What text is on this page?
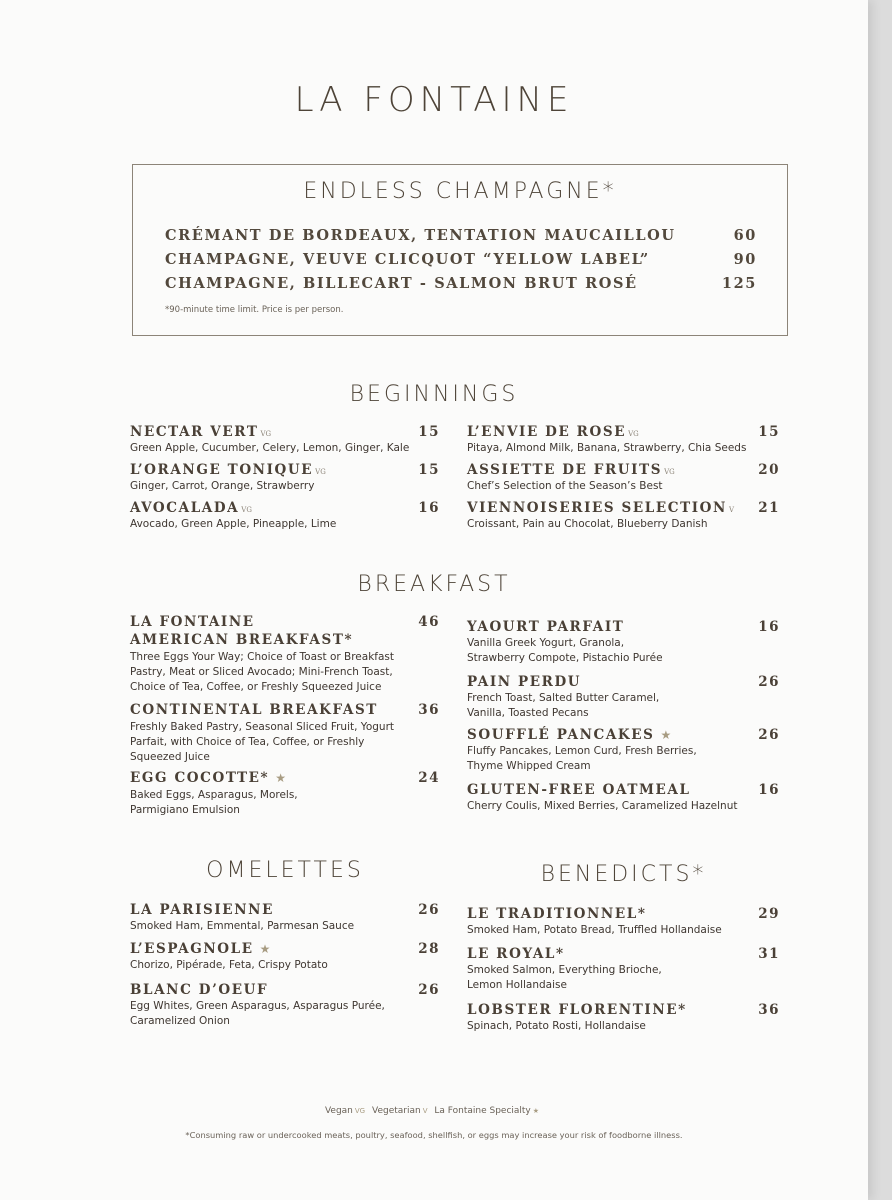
LA FONTAINE
ENDLESS CHAMPAGNE*
CRÉMANT DE BORDEAUX, TENTATION MAUCAILLOU	60
CHAMPAGNE, VEUVE CLICQUOT “YELLOW LABEL”	90
CHAMPAGNE, BILLECART - SALMON BRUT ROSÉ	125
*90-minute time limit. Price is per person.
BEGINNINGS
NECTAR VERT VG	15
Green Apple, Cucumber, Celery, Lemon, Ginger, Kale
L’ORANGE TONIQUE VG	15
Ginger, Carrot, Orange, Strawberry
AVOCALADA VG	16
Avocado, Green Apple, Pineapple, Lime
L’ENVIE DE ROSE VG	15
Pitaya, Almond Milk, Banana, Strawberry, Chia Seeds
ASSIETTE DE FRUITS VG	20
Chef’s Selection of the Season’s Best
VIENNOISERIES SELECTION V 21
Croissant, Pain au Chocolat, Blueberry Danish
BREAKFAST
LA FONTAINE
AMERICAN BREAKFAST*
46
Three Eggs Your Way; Choice of Toast or Breakfast
Pastry, Meat or Sliced Avocado; Mini-French Toast,
Choice of Tea, Coffee, or Freshly Squeezed Juice
CONTINENTAL BREAKFAST	36
Freshly Baked Pastry, Seasonal Sliced Fruit, Yogurt
Parfait, with Choice of Tea, Coffee, or Freshly
Squeezed Juice
EGG COCOTTE* ★	24
Baked Eggs, Asparagus, Morels,
Parmigiano Emulsion
YAOURT PARFAIT	16
Vanilla Greek Yogurt, Granola,
Strawberry Compote, Pistachio Purée
PAIN PERDU	26
French Toast, Salted Butter Caramel,
Vanilla, Toasted Pecans
SOUFFLÉ PANCAKES ★	26
Fluffy Pancakes, Lemon Curd, Fresh Berries,
Thyme Whipped Cream
GLUTEN-FREE OATMEAL	16
Cherry Coulis, Mixed Berries, Caramelized Hazelnut
OMELETTES
LA PARISIENNE	26
Smoked Ham, Emmental, Parmesan Sauce
L’ESPAGNOLE ★	28
Chorizo, Pipérade, Feta, Crispy Potato
BLANC D’OEUF	26
Egg Whites, Green Asparagus, Asparagus Purée,
Caramelized Onion
BENEDICTS*
LE TRADITIONNEL*	29
Smoked Ham, Potato Bread, Truffled Hollandaise
LE ROYAL*	31
Smoked Salmon, Everything Brioche,
Lemon Hollandaise
LOBSTER FLORENTINE*	36
Spinach, Potato Rosti, Hollandaise
Vegan VG Vegetarian V La Fontaine Specialty ★
*Consuming raw or undercooked meats, poultry, seafood, shellfish, or eggs may increase your risk of foodborne illness.
